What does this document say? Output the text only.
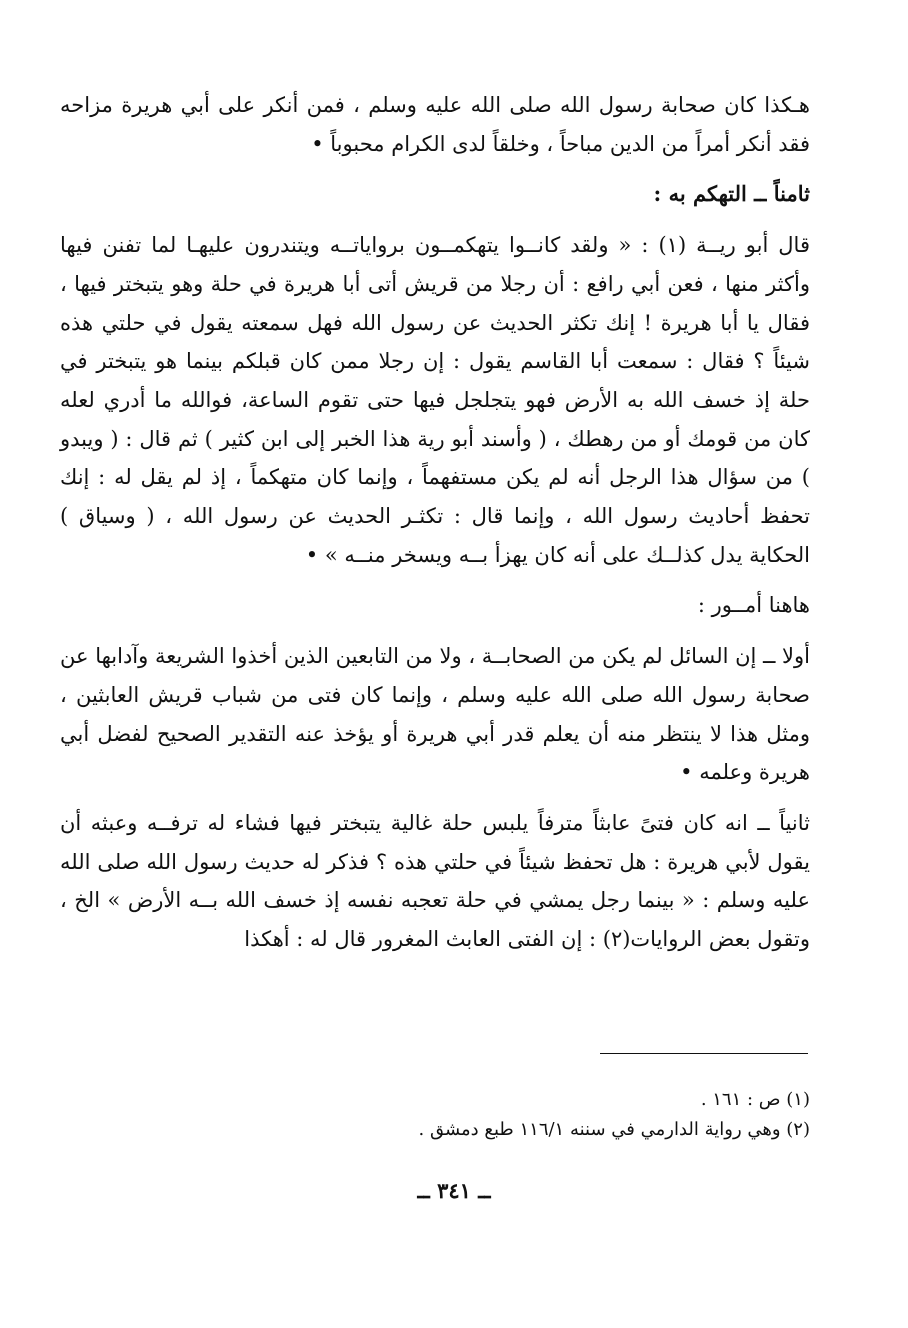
هـكذا كان صحابة رسول الله صلى الله عليه وسلم ، فمن أنكر على أبي هريرة مزاحه فقد أنكر أمراً من الدين مباحاً ، وخلقاً لدى الكرام محبوباً •

ثامناً ــ التهكم به :

قال أبو ريــة (١) : « ولقد كانــوا يتهكمــون برواياتــه ويتندرون عليهـا لما تفنن فيها وأكثر منها ، فعن أبي رافع : أن رجلا من قريش أتى أبا هريرة في حلة وهو يتبختر فيها ، فقال يا أبا هريرة ! إنك تكثر الحديث عن رسول الله فهل سمعته يقول في حلتي هذه شيئاً ؟ فقال : سمعت أبا القاسم يقول : إن رجلا ممن كان قبلكم بينما هو يتبختر في حلة إذ خسف الله به الأرض فهو يتجلجل فيها حتى تقوم الساعة، فوالله ما أدري لعله كان من قومك أو من رهطك ، ( وأسند أبو رية هذا الخبر إلى ابن كثير ) ثم قال : ( ويبدو ) من سؤال هذا الرجل أنه لم يكن مستفهماً ، وإنما كان متهكماً ، إذ لم يقل له : إنك تحفظ أحاديث رسول الله ، وإنما قال : تكثـر الحديث عن رسول الله ، ( وسياق ) الحكاية يدل كذلــك على أنه كان يهزأ بــه ويسخر منــه » •

هاهنا أمــور :

أولا ــ إن السائل لم يكن من الصحابــة ، ولا من التابعين الذين أخذوا الشريعة وآدابها عن صحابة رسول الله صلى الله عليه وسلم ، وإنما كان فتى من شباب قريش العابثين ، ومثل هذا لا ينتظر منه أن يعلم قدر أبي هريرة أو يؤخذ عنه التقدير الصحيح لفضل أبي هريرة وعلمه •

ثانياً ــ انه كان فتىً عابثاً مترفاً يلبس حلة غالية يتبختر فيها فشاء له ترفــه وعبثه أن يقول لأبي هريرة : هل تحفظ شيئاً في حلتي هذه ؟ فذكر له حديث رسول الله صلى الله عليه وسلم : « بينما رجل يمشي في حلة تعجبه نفسه إذ خسف الله بــه الأرض » الخ ، وتقول بعض الروايات(٢) : إن الفتى العابث المغرور قال له : أهكذا

(١) ص : ١٦١ .

(٢) وهي رواية الدارمي في سننه ١١٦/١ طبع دمشق .

ــ ٣٤١ ــ
